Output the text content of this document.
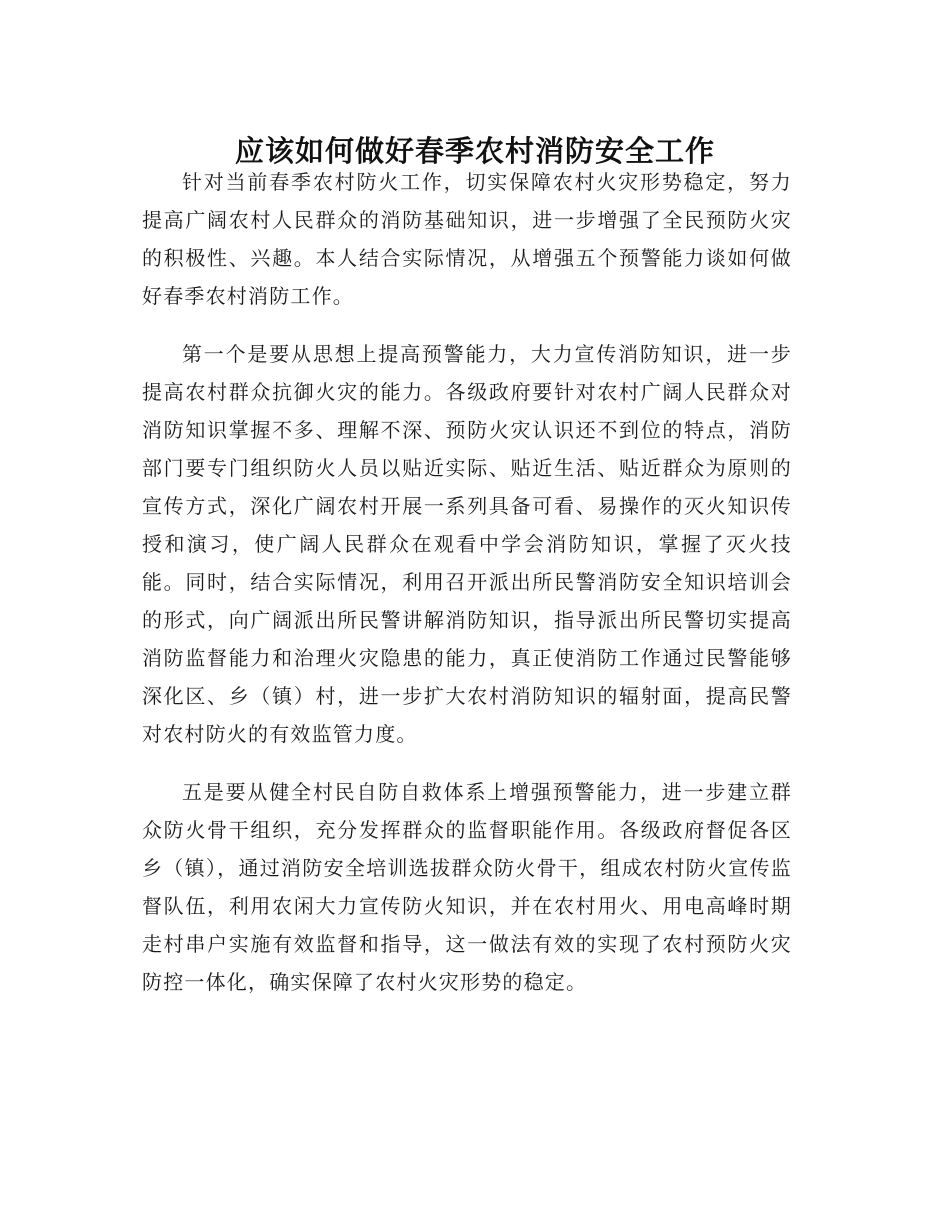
应该如何做好春季农村消防安全工作

针对当前春季农村防火工作，切实保障农村火灾形势稳定，努力提高广阔农村人民群众的消防基础知识，进一步增强了全民预防火灾的积极性、兴趣。本人结合实际情况，从增强五个预警能力谈如何做好春季农村消防工作。

第一个是要从思想上提高预警能力，大力宣传消防知识，进一步提高农村群众抗御火灾的能力。各级政府要针对农村广阔人民群众对消防知识掌握不多、理解不深、预防火灾认识还不到位的特点，消防部门要专门组织防火人员以贴近实际、贴近生活、贴近群众为原则的宣传方式，深化广阔农村开展一系列具备可看、易操作的灭火知识传授和演习，使广阔人民群众在观看中学会消防知识，掌握了灭火技能。同时，结合实际情况，利用召开派出所民警消防安全知识培训会的形式，向广阔派出所民警讲解消防知识，指导派出所民警切实提高消防监督能力和治理火灾隐患的能力，真正使消防工作通过民警能够深化区、乡（镇）村，进一步扩大农村消防知识的辐射面，提高民警对农村防火的有效监管力度。

五是要从健全村民自防自救体系上增强预警能力，进一步建立群众防火骨干组织，充分发挥群众的监督职能作用。各级政府督促各区乡（镇），通过消防安全培训选拔群众防火骨干，组成农村防火宣传监督队伍，利用农闲大力宣传防火知识，并在农村用火、用电高峰时期走村串户实施有效监督和指导，这一做法有效的实现了农村预防火灾防控一体化，确实保障了农村火灾形势的稳定。
